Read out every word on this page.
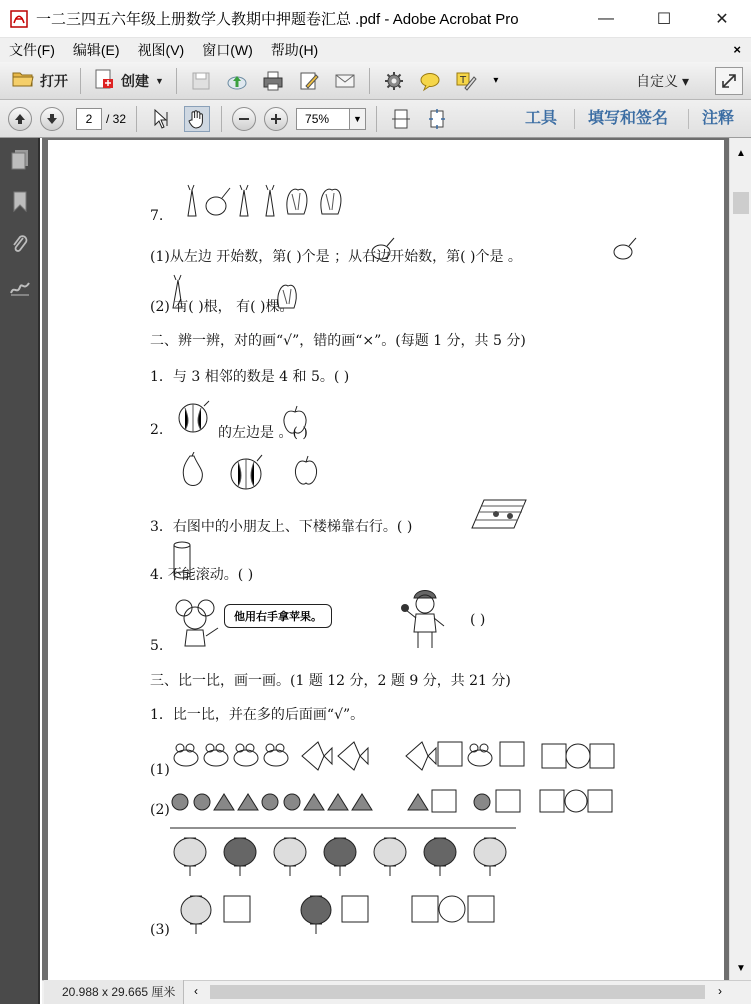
一二三四五六年级上册数学人教期中押题卷汇总 .pdf - Adobe Acrobat Pro	—	☐	✕
文件(F)	编辑(E)	视图(V)	窗口(W)	帮助(H)	×
打开	创建 ▼	T	▾	自定义 ▾
2	/ 32	75%	▼	工具 填写和签名 注释
7.
(1)从左边 开始数，第( )个是 ；从右边开始数，第( )个是 。
(2) 有( )根， 有( )棵。
二、辨一辨，对的画“√”，错的画“×”。(每题 1 分，共 5 分)
1．与 3 相邻的数是 4 和 5。( )
2.	的左边是 。( )
3．右图中的小朋友上、下楼梯靠右行。( )
4. 不能滚动。( )
5.
他用右手拿苹果。	( )
三、比一比，画一画。(1 题 12 分，2 题 9 分，共 21 分)
1．比一比，并在多的后面画“√”。
(1)
(2)
(3)
▲
▼
20.988 x 29.665 厘米	‹	›
